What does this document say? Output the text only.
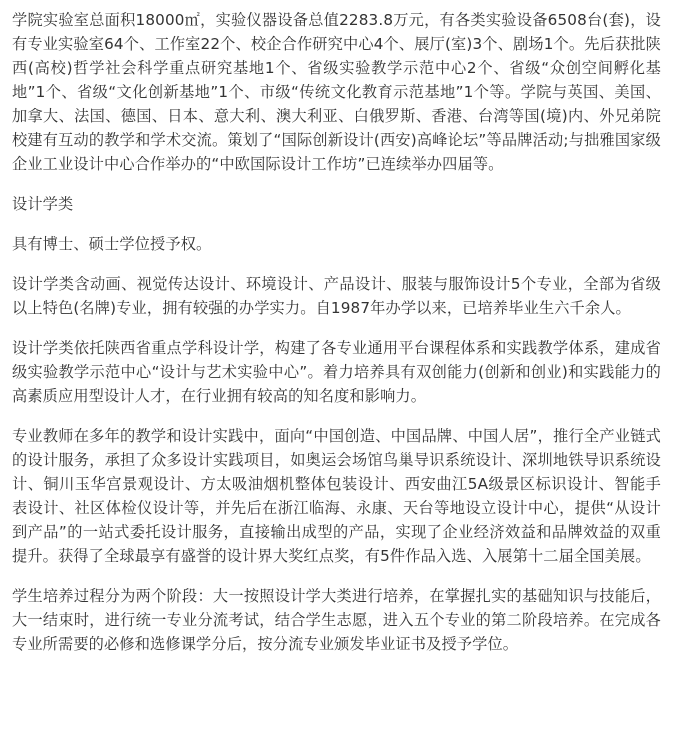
学院实验室总面积18000㎡，实验仪器设备总值2283.8万元，有各类实验设备6508台(套)，设有专业实验室64个、工作室22个、校企合作研究中心4个、展厅(室)3个、剧场1个。先后获批陕西(高校)哲学社会科学重点研究基地1个、省级实验教学示范中心2个、省级“众创空间孵化基地”1个、省级“文化创新基地”1个、市级“传统文化教育示范基地”1个等。学院与英国、美国、加拿大、法国、德国、日本、意大利、澳大利亚、白俄罗斯、香港、台湾等国(境)内、外兄弟院校建有互动的教学和学术交流。策划了“国际创新设计(西安)高峰论坛”等品牌活动;与拙雅国家级企业工业设计中心合作举办的“中欧国际设计工作坊”已连续举办四届等。

设计学类

具有博士、硕士学位授予权。

设计学类含动画、视觉传达设计、环境设计、产品设计、服装与服饰设计5个专业，全部为省级以上特色(名牌)专业，拥有较强的办学实力。自1987年办学以来，已培养毕业生六千余人。

设计学类依托陕西省重点学科设计学，构建了各专业通用平台课程体系和实践教学体系，建成省级实验教学示范中心“设计与艺术实验中心”。着力培养具有双创能力(创新和创业)和实践能力的高素质应用型设计人才，在行业拥有较高的知名度和影响力。

专业教师在多年的教学和设计实践中，面向“中国创造、中国品牌、中国人居”，推行全产业链式的设计服务，承担了众多设计实践项目，如奥运会场馆鸟巢导识系统设计、深圳地铁导识系统设计、铜川玉华宫景观设计、方太吸油烟机整体包装设计、西安曲江5A级景区标识设计、智能手表设计、社区体检仪设计等，并先后在浙江临海、永康、天台等地设立设计中心，提供“从设计到产品”的一站式委托设计服务，直接输出成型的产品，实现了企业经济效益和品牌效益的双重提升。获得了全球最享有盛誉的设计界大奖红点奖，有5件作品入选、入展第十二届全国美展。

学生培养过程分为两个阶段：大一按照设计学大类进行培养，在掌握扎实的基础知识与技能后，大一结束时，进行统一专业分流考试，结合学生志愿，进入五个专业的第二阶段培养。在完成各专业所需要的必修和选修课学分后，按分流专业颁发毕业证书及授予学位。
